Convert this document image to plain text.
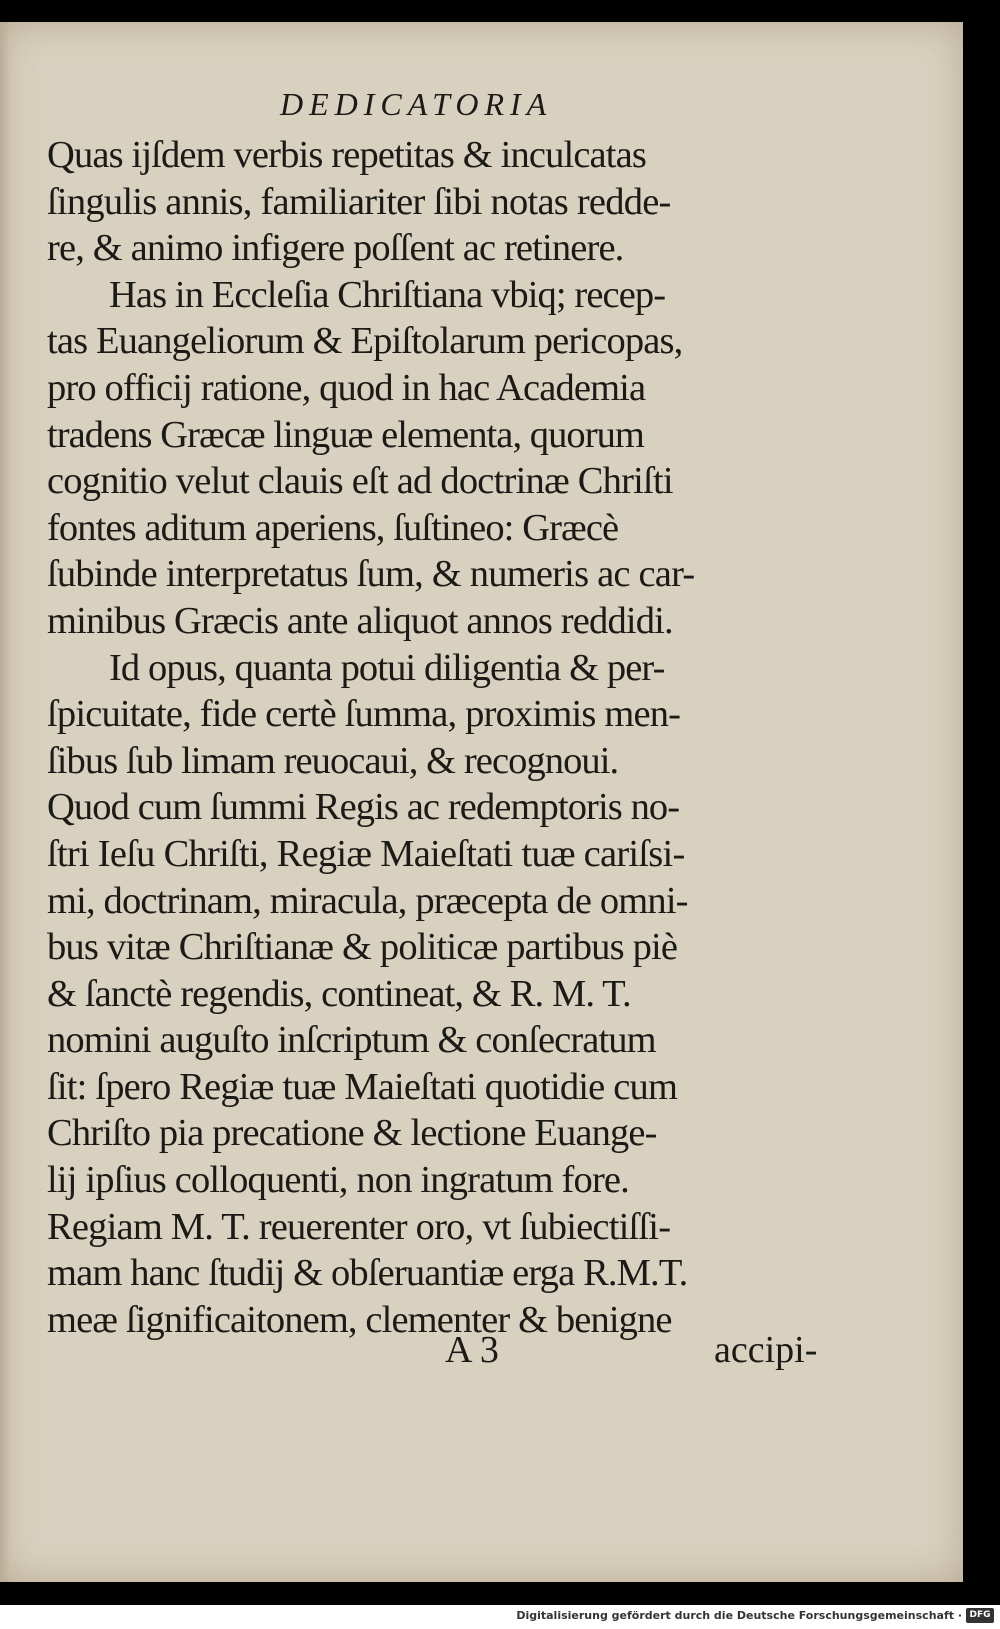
DEDICATORIA
Quas ijſdem verbis repetitas & inculcatas
ſingulis annis, familiariter ſibi notas redde-
re, & animo infigere poſſent ac retinere.
Has in Eccleſia Chriſtiana vbiq; recep-
tas Euangeliorum & Epiſtolarum pericopas,
pro officij ratione, quod in hac Academia
tradens Græcæ linguæ elementa, quorum
cognitio velut clauis eſt ad doctrinæ Chriſti
fontes aditum aperiens, ſuſtineo: Græcè
ſubinde interpretatus ſum, & numeris ac car-
minibus Græcis ante aliquot annos reddidi.
Id opus, quanta potui diligentia & per-
ſpicuitate, fide certè ſumma, proximis men-
ſibus ſub limam reuocaui, & recognoui.
Quod cum ſummi Regis ac redemptoris no-
ſtri Ieſu Chriſti, Regiæ Maieſtati tuæ cariſsi-
mi, doctrinam, miracula, præcepta de omni-
bus vitæ Chriſtianæ & politicæ partibus piè
& ſanctè regendis, contineat, & R. M. T.
nomini auguſto inſcriptum & conſecratum
ſit: ſpero Regiæ tuæ Maieſtati quotidie cum
Chriſto pia precatione & lectione Euange-
lij ipſius colloquenti, non ingratum fore.
Regiam M. T. reuerenter oro, vt ſubiectiſſi-
mam hanc ſtudij & obſeruantiæ erga R.M.T.
meæ ſignificaitonem, clementer & benigne
A 3	accipi-
Digitalisierung gefördert durch die Deutsche Forschungsgemeinschaft · DFG
